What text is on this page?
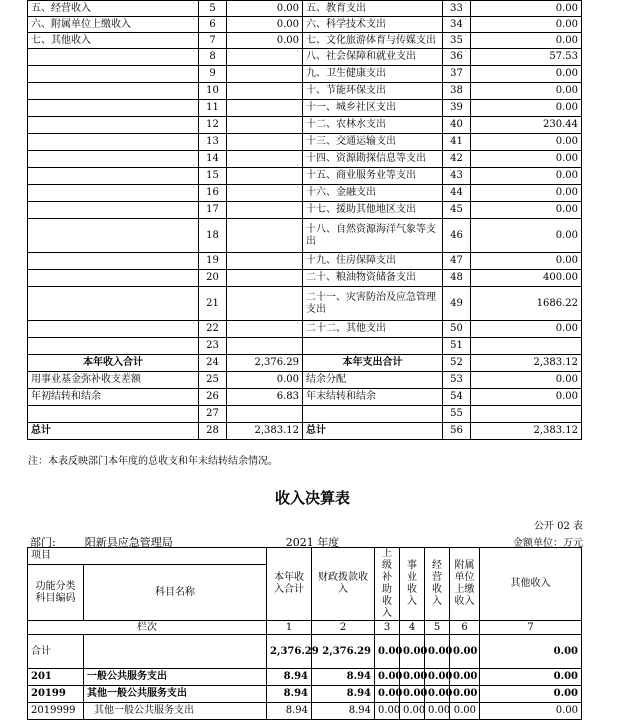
五、经营收入	5	0.00	五、教育支出	33	0.00
六、附属单位上缴收入	6	0.00	六、科学技术支出	34	0.00
七、其他收入	7	0.00	七、文化旅游体育与传媒支出	35	0.00
	8		八、社会保障和就业支出	36	57.53
	9		九、卫生健康支出	37	0.00
	10		十、节能环保支出	38	0.00
	11		十一、城乡社区支出	39	0.00
	12		十二、农林水支出	40	230.44
	13		十三、交通运输支出	41	0.00
	14		十四、资源勘探信息等支出	42	0.00
	15		十五、商业服务业等支出	43	0.00
	16		十六、金融支出	44	0.00
	17		十七、援助其他地区支出	45	0.00
	18		十八、自然资源海洋气象等支出	46	0.00
	19		十九、住房保障支出	47	0.00
	20		二十、粮油物资储备支出	48	400.00
	21		二十一、灾害防治及应急管理支出	49	1686.22
	22		二十二、其他支出	50	0.00
	23			51	
本年收入合计	24	2,376.29	本年支出合计	52	2,383.12
用事业基金弥补收支差额	25	0.00	结余分配	53	0.00
年初结转和结余	26	6.83	年末结转和结余	54	0.00
	27			55	
总计	28	2,383.12	总计	56	2,383.12
注：本表反映部门本年度的总收支和年末结转结余情况。
收入决算表
公开 02 表
部门:	阳新县应急管理局	2021 年度	金额单位：万元
项目		本年收入合计	财政拨款收入	上级补助收入	事业收入	经营收入	附属单位上缴收入	其他收入
功能分类科目编码	科目名称							

栏次		1	2	3	4	5	6	7
合计		2,376.29	2,376.29	0.00	0.00	0.00	0.00	0.00
201	一般公共服务支出	8.94	8.94	0.00	0.00	0.00	0.00	0.00
20199	其他一般公共服务支出	8.94	8.94	0.00	0.00	0.00	0.00	0.00
2019999	其他一般公共服务支出	8.94	8.94	0.00	0.00	0.00	0.00	0.00
